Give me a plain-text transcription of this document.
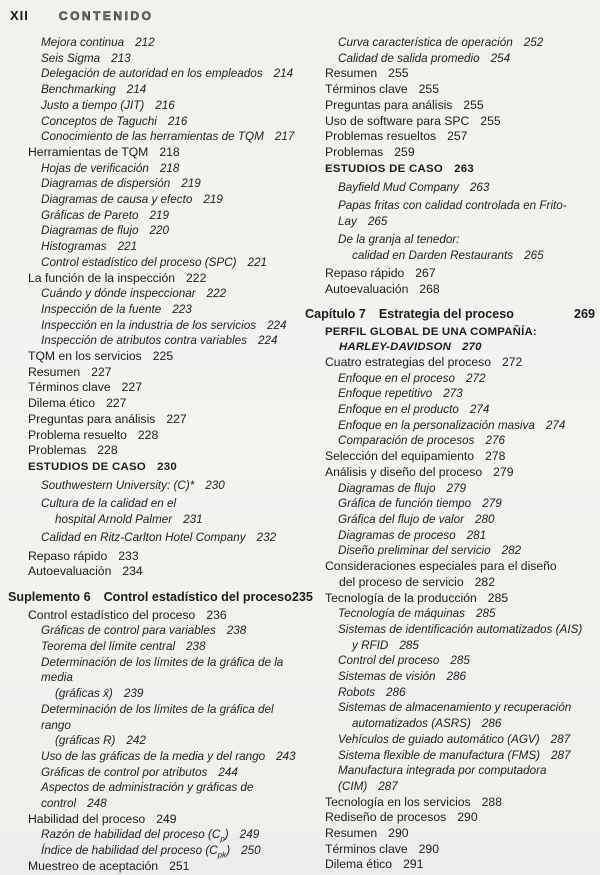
XII	CONTENIDO
Mejora continua 212
Seis Sigma 213
Delegación de autoridad en los empleados 214
Benchmarking 214
Justo a tiempo (JIT) 216
Conceptos de Taguchi 216
Conocimiento de las herramientas de TQM 217
Herramientas de TQM 218
Hojas de verificación 218
Diagramas de dispersión 219
Diagramas de causa y efecto 219
Gráficas de Pareto 219
Diagramas de flujo 220
Histogramas 221
Control estadístico del proceso (SPC) 221
La función de la inspección 222
Cuándo y dónde inspeccionar 222
Inspección de la fuente 223
Inspección en la industria de los servicios 224
Inspección de atributos contra variables 224
TQM en los servicios 225
Resumen 227
Términos clave 227
Dilema ético 227
Preguntas para análisis 227
Problema resuelto 228
Problemas 228
ESTUDIOS DE CASO 230
Southwestern University: (C)* 230
Cultura de la calidad en el
hospital Arnold Palmer 231
Calidad en Ritz-Carlton Hotel Company 232
Repaso rápido 233
Autoevaluación 234
Suplemento 6 Control estadístico del proceso 235
Control estadístico del proceso 236
Gráficas de control para variables 238
Teorema del límite central 238
Determinación de los límites de la gráfica de la media
(gráficas x̄) 239
Determinación de los límites de la gráfica del rango
(gráficas R) 242
Uso de las gráficas de la media y del rango 243
Gráficas de control por atributos 244
Aspectos de administración y gráficas de control 248
Habilidad del proceso 249
Razón de habilidad del proceso $(C_p)$ 249
Índice de habilidad del proceso $(C_{pk})$ 250
Muestreo de aceptación 251
Curva característica de operación 252
Calidad de salida promedio 254
Resumen 255
Términos clave 255
Preguntas para análisis 255
Uso de software para SPC 255
Problemas resueltos 257
Problemas 259
ESTUDIOS DE CASO 263
Bayfield Mud Company 263
Papas fritas con calidad controlada en Frito-Lay 265
De la granja al tenedor:
calidad en Darden Restaurants 265
Repaso rápido 267
Autoevaluación 268
Capítulo 7 Estrategia del proceso	269
PERFIL GLOBAL DE UNA COMPAÑÍA:
HARLEY-DAVIDSON 270
Cuatro estrategias del proceso 272
Enfoque en el proceso 272
Enfoque repetitivo 273
Enfoque en el producto 274
Enfoque en la personalización masiva 274
Comparación de procesos 276
Selección del equipamiento 278
Análisis y diseño del proceso 279
Diagramas de flujo 279
Gráfica de función tiempo 279
Gráfica del flujo de valor 280
Diagramas de proceso 281
Diseño preliminar del servicio 282
Consideraciones especiales para el diseño
del proceso de servicio 282
Tecnología de la producción 285
Tecnología de máquinas 285
Sistemas de identificación automatizados (AIS)
y RFID 285
Control del proceso 285
Sistemas de visión 286
Robots 286
Sistemas de almacenamiento y recuperación
automatizados (ASRS) 286
Vehículos de guiado automático (AGV) 287
Sistema flexible de manufactura (FMS) 287
Manufactura integrada por computadora (CIM) 287
Tecnología en los servicios 288
Rediseño de procesos 290
Resumen 290
Términos clave 290
Dilema ético 291
